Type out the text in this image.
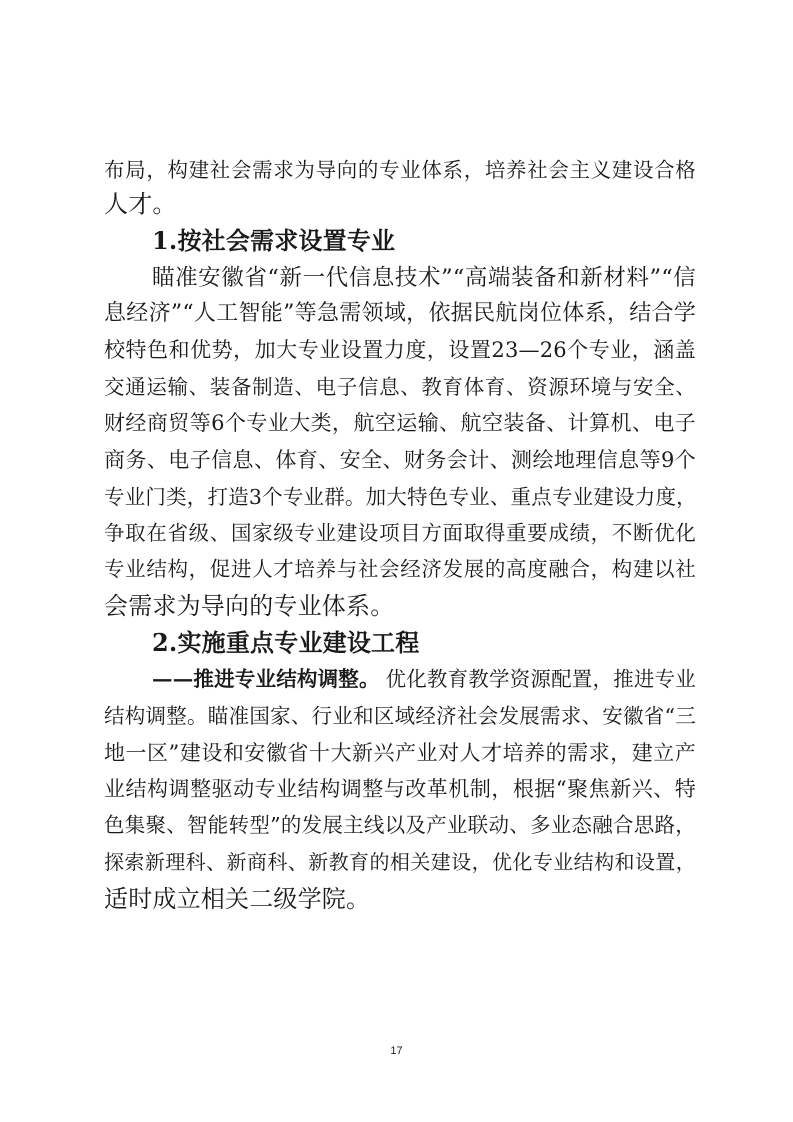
布局，构建社会需求为导向的专业体系，培养社会主义建设合格
人才。
1.按社会需求设置专业
瞄准安徽省“新一代信息技术”“高端装备和新材料”“信
息经济”“人工智能”等急需领域，依据民航岗位体系，结合学
校特色和优势，加大专业设置力度，设置23—26个专业，涵盖
交通运输、装备制造、电子信息、教育体育、资源环境与安全、
财经商贸等6个专业大类，航空运输、航空装备、计算机、电子
商务、电子信息、体育、安全、财务会计、测绘地理信息等9个
专业门类，打造3个专业群。加大特色专业、重点专业建设力度，
争取在省级、国家级专业建设项目方面取得重要成绩，不断优化
专业结构，促进人才培养与社会经济发展的高度融合，构建以社
会需求为导向的专业体系。
2.实施重点专业建设工程
——推进专业结构调整。 优化教育教学资源配置，推进专业
结构调整。瞄准国家、行业和区域经济社会发展需求、安徽省“三
地一区”建设和安徽省十大新兴产业对人才培养的需求，建立产
业结构调整驱动专业结构调整与改革机制，根据“聚焦新兴、特
色集聚、智能转型”的发展主线以及产业联动、多业态融合思路，
探索新理科、新商科、新教育的相关建设，优化专业结构和设置，
适时成立相关二级学院。
17
